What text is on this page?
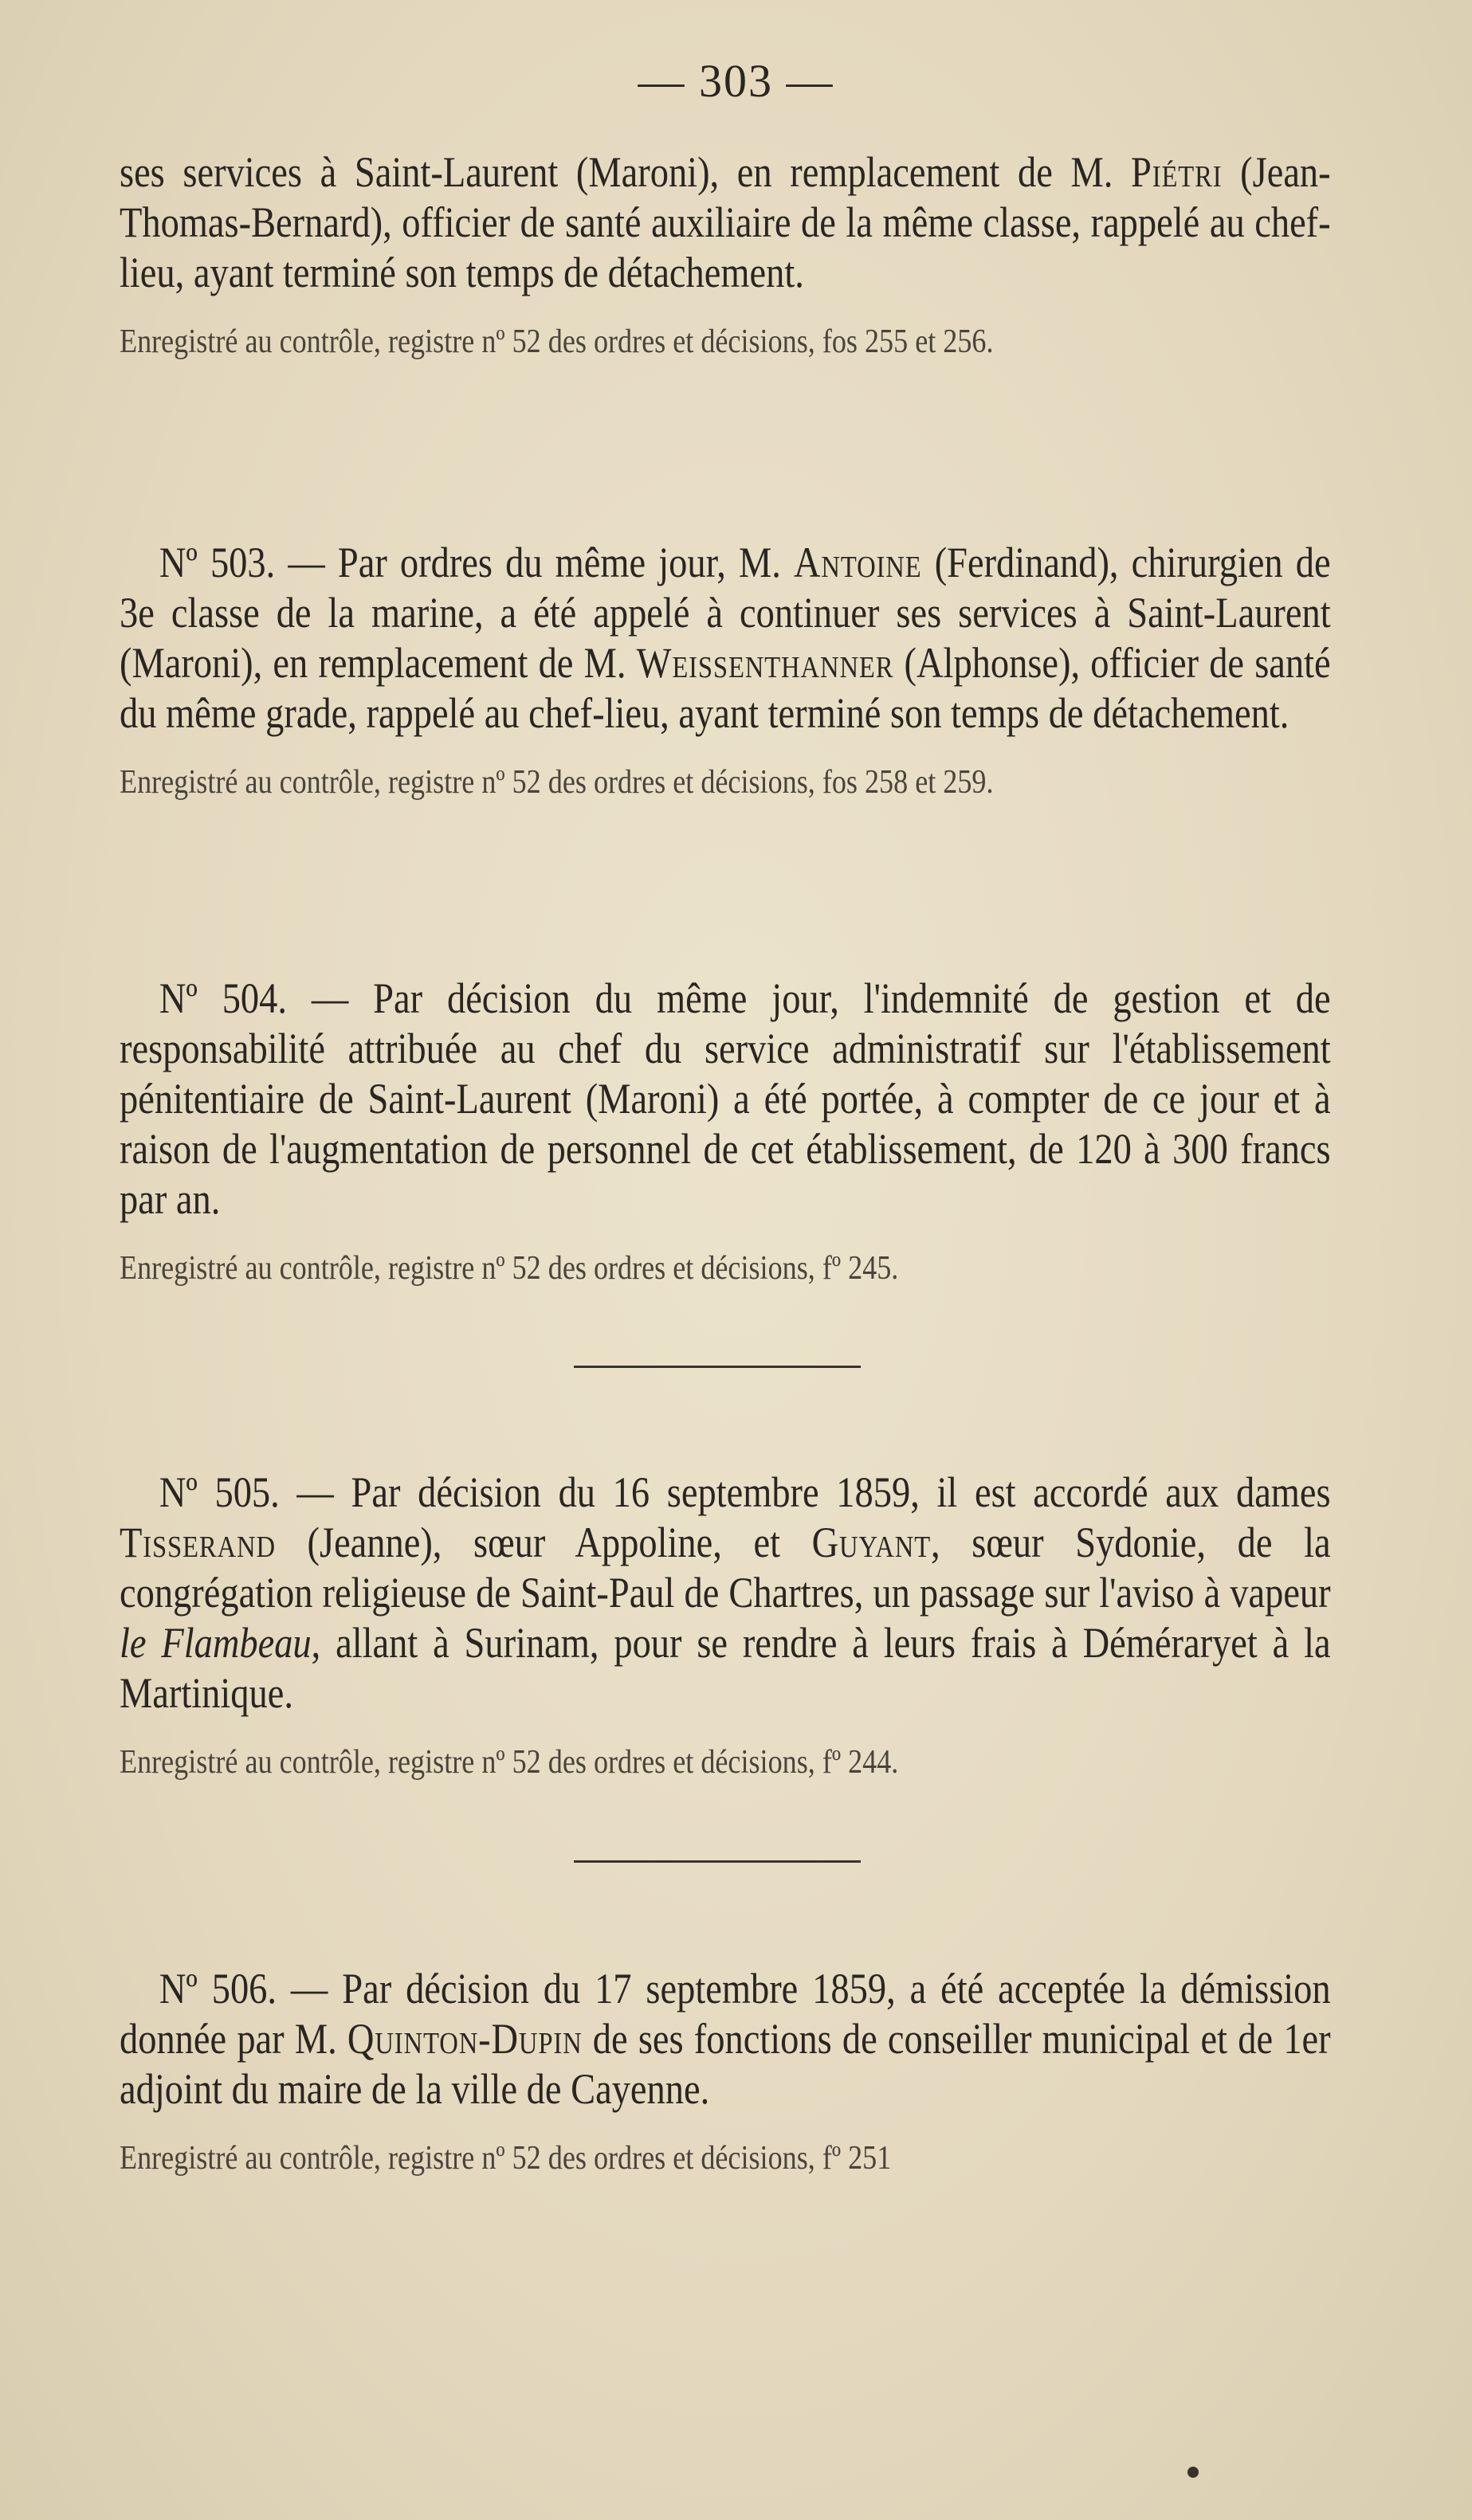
— 303 —

ses services à Saint-Laurent (Maroni), en remplacement de M. Piétri (Jean-Thomas-Bernard), officier de santé auxiliaire de la même classe, rappelé au chef-lieu, ayant terminé son temps de détachement.

Enregistré au contrôle, registre nº 52 des ordres et décisions, fos 255 et 256.

Nº 503. — Par ordres du même jour, M. Antoine (Ferdinand), chirurgien de 3e classe de la marine, a été appelé à continuer ses services à Saint-Laurent (Maroni), en remplacement de M. Weissenthanner (Alphonse), officier de santé du même grade, rappelé au chef-lieu, ayant terminé son temps de détachement.

Enregistré au contrôle, registre nº 52 des ordres et décisions, fos 258 et 259.

Nº 504. — Par décision du même jour, l'indemnité de gestion et de responsabilité attribuée au chef du service administratif sur l'établissement pénitentiaire de Saint-Laurent (Maroni) a été portée, à compter de ce jour et à raison de l'augmentation de personnel de cet établissement, de 120 à 300 francs par an.

Enregistré au contrôle, registre nº 52 des ordres et décisions, fº 245.

Nº 505. — Par décision du 16 septembre 1859, il est accordé aux dames Tisserand (Jeanne), sœur Appoline, et Guyant, sœur Sydonie, de la congrégation religieuse de Saint-Paul de Chartres, un passage sur l'aviso à vapeur le Flambeau, allant à Surinam, pour se rendre à leurs frais à Déméraryet à la Martinique.

Enregistré au contrôle, registre nº 52 des ordres et décisions, fº 244.

Nº 506. — Par décision du 17 septembre 1859, a été acceptée la démission donnée par M. Quinton-Dupin de ses fonctions de conseiller municipal et de 1er adjoint du maire de la ville de Cayenne.

Enregistré au contrôle, registre nº 52 des ordres et décisions, fº 251
